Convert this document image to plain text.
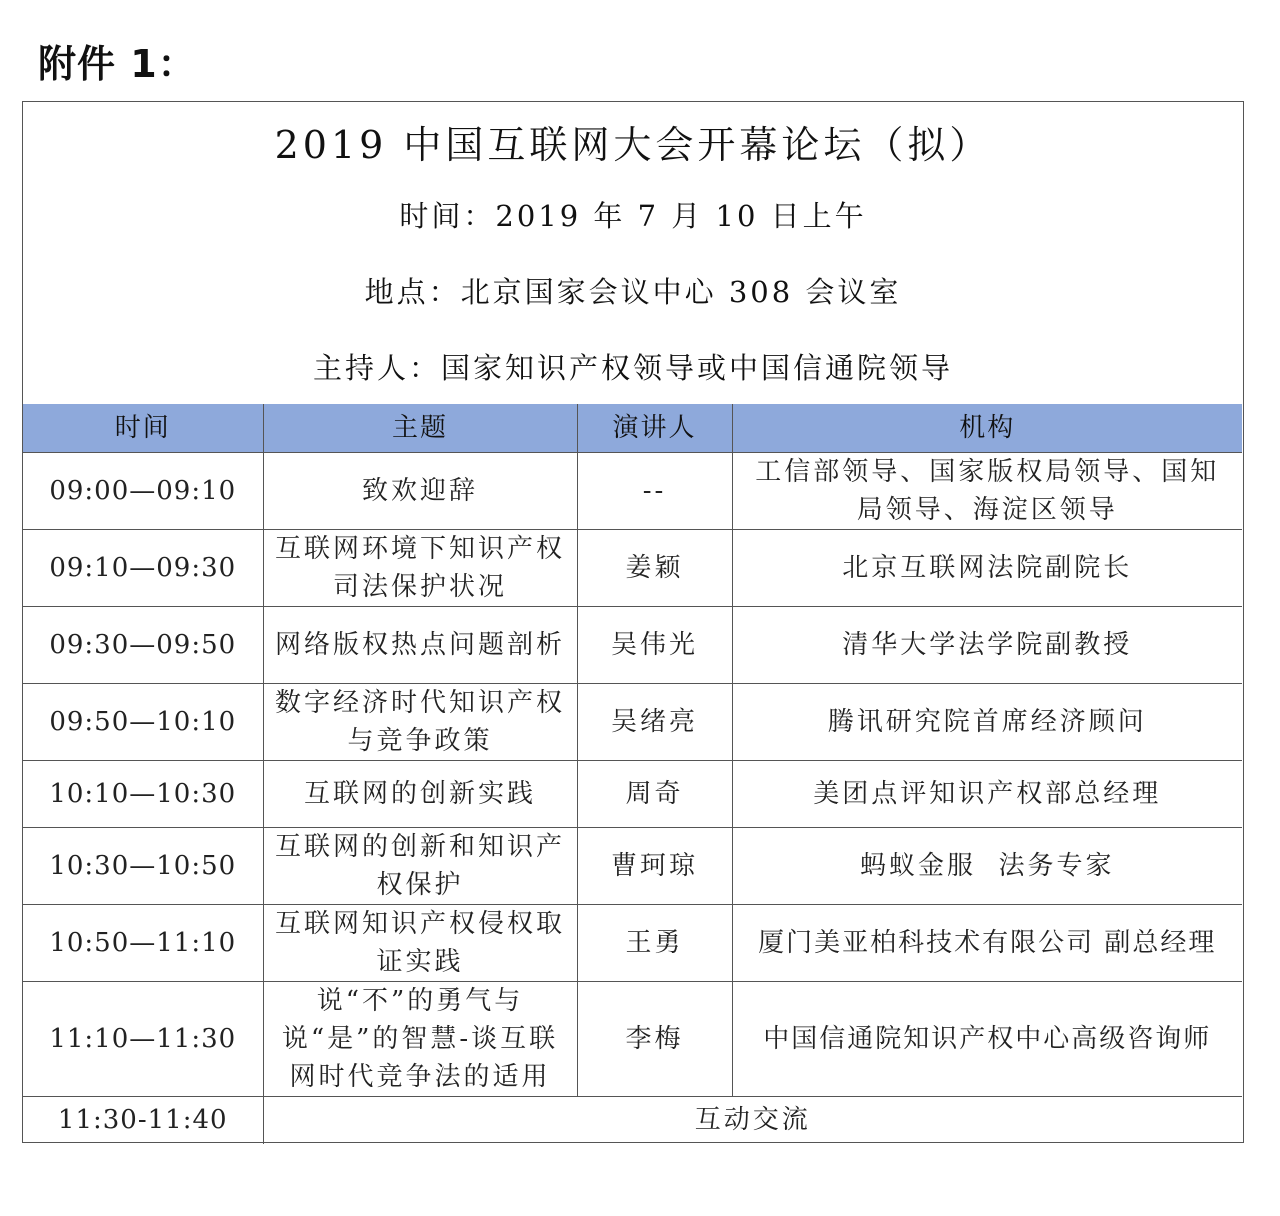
附件 1：
2019 中国互联网大会开幕论坛（拟）
时间：2019 年 7 月 10 日上午
地点：北京国家会议中心 308 会议室
主持人：国家知识产权领导或中国信通院领导
时间	主题	演讲人	机构
09:00—09:10	致欢迎辞	--	工信部领导、国家版权局领导、国知局领导、海淀区领导
09:10—09:30	互联网环境下知识产权司法保护状况	姜颖	北京互联网法院副院长
09:30—09:50	网络版权热点问题剖析	吴伟光	清华大学法学院副教授
09:50—10:10	数字经济时代知识产权与竞争政策	吴绪亮	腾讯研究院首席经济顾问
10:10—10:30	互联网的创新实践	周奇	美团点评知识产权部总经理
10:30—10:50	互联网的创新和知识产权保护	曹珂琼	蚂蚁金服  法务专家
10:50—11:10	互联网知识产权侵权取证实践	王勇	厦门美亚柏科技术有限公司 副总经理
11:10—11:30	说“不”的勇气与说“是”的智慧-谈互联网时代竞争法的适用	李梅	中国信通院知识产权中心高级咨询师
11:30-11:40	互动交流		
